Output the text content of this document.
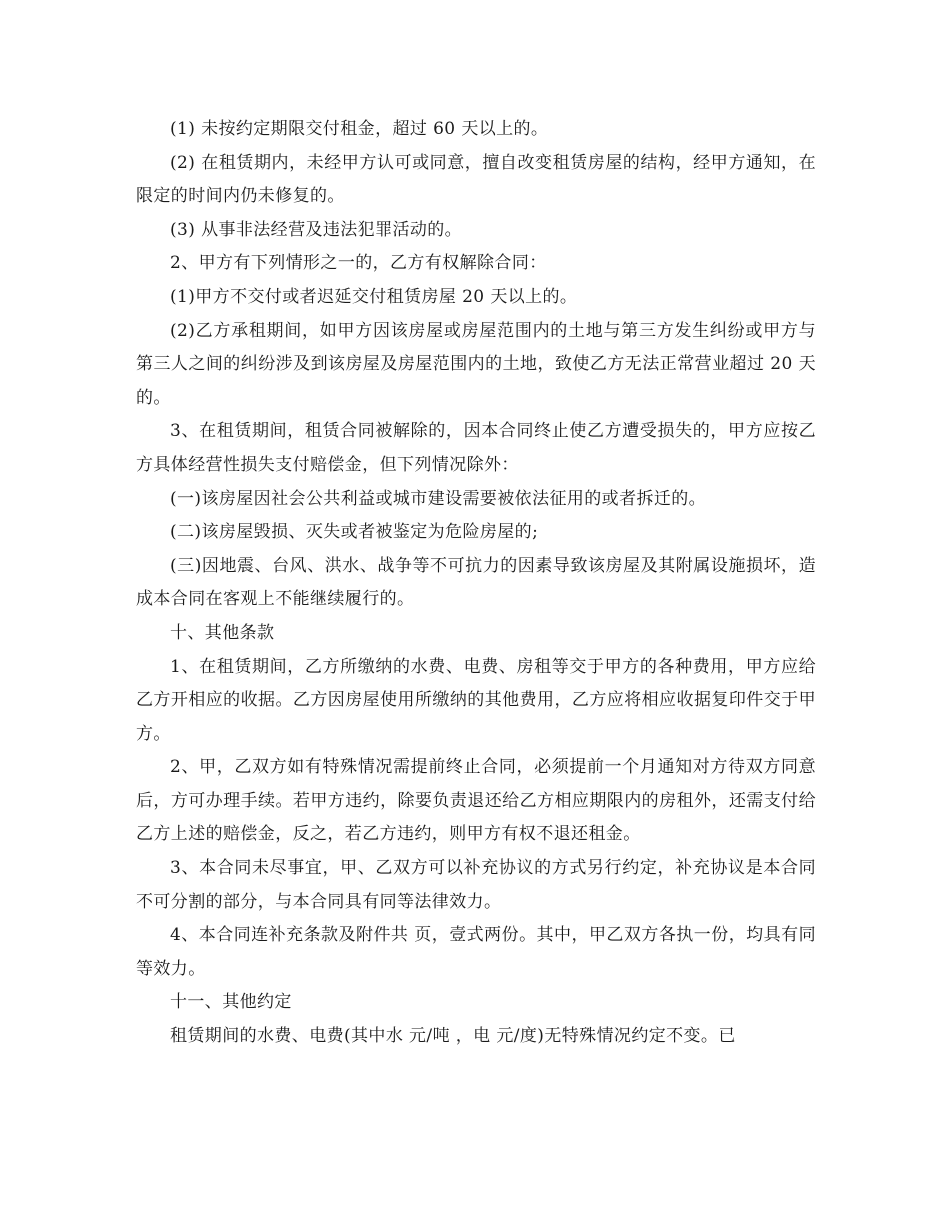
(1) 未按约定期限交付租金，超过 60 天以上的。

(2) 在租赁期内，未经甲方认可或同意，擅自改变租赁房屋的结构，经甲方通知，在限定的时间内仍未修复的。

(3) 从事非法经营及违法犯罪活动的。

2、甲方有下列情形之一的，乙方有权解除合同：

(1)甲方不交付或者迟延交付租赁房屋 20 天以上的。

(2)乙方承租期间，如甲方因该房屋或房屋范围内的土地与第三方发生纠纷或甲方与第三人之间的纠纷涉及到该房屋及房屋范围内的土地，致使乙方无法正常营业超过 20 天的。

3、在租赁期间，租赁合同被解除的，因本合同终止使乙方遭受损失的，甲方应按乙方具体经营性损失支付赔偿金，但下列情况除外：

(一)该房屋因社会公共利益或城市建设需要被依法征用的或者拆迁的。

(二)该房屋毁损、灭失或者被鉴定为危险房屋的;

(三)因地震、台风、洪水、战争等不可抗力的因素导致该房屋及其附属设施损坏，造成本合同在客观上不能继续履行的。

十、其他条款

1、在租赁期间，乙方所缴纳的水费、电费、房租等交于甲方的各种费用，甲方应给乙方开相应的收据。乙方因房屋使用所缴纳的其他费用，乙方应将相应收据复印件交于甲方。

2、甲，乙双方如有特殊情况需提前终止合同，必须提前一个月通知对方待双方同意后，方可办理手续。若甲方违约，除要负责退还给乙方相应期限内的房租外，还需支付给乙方上述的赔偿金，反之，若乙方违约，则甲方有权不退还租金。

3、本合同未尽事宜，甲、乙双方可以补充协议的方式另行约定，补充协议是本合同不可分割的部分，与本合同具有同等法律效力。

4、本合同连补充条款及附件共 页，壹式两份。其中，甲乙双方各执一份，均具有同等效力。

十一、其他约定

租赁期间的水费、电费(其中水 元/吨 ，电 元/度)无特殊情况约定不变。已
